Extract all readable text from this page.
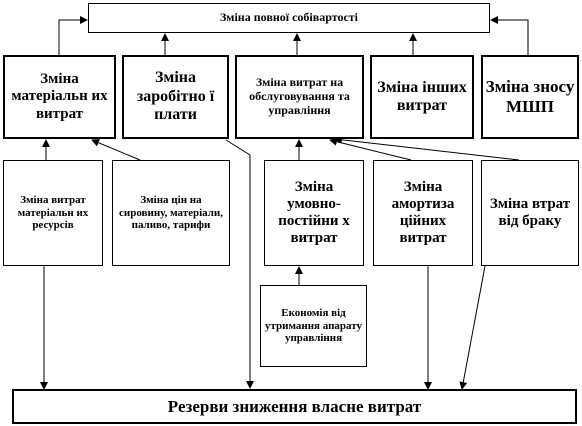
Зміна повної собівартості
Зміна матеріальн их витрат
Зміна заробітно ї плати
Зміна витрат на обслуговування та управління
Зміна інших витрат
Зміна зносу МШП
Зміна витрат матеріальн их ресурсів
Зміна цін на сировину, матеріали, паливо, тарифи
Зміна умовно-постійни х витрат
Зміна амортиза ційних витрат
Зміна втрат від браку
Економія від утримання апарату управління
Резерви зниження власне витрат
